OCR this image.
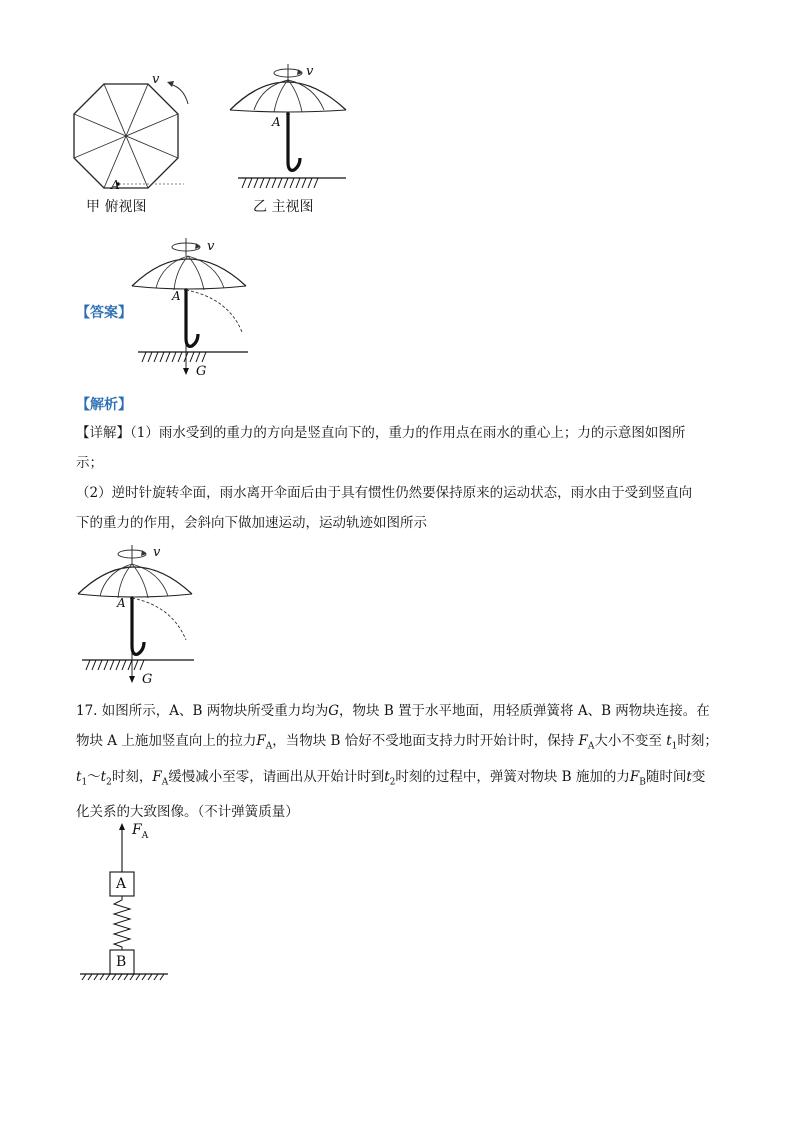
v
A
甲 俯视图
v
A
乙 主视图
【答案】
v
A
G
【解析】
【详解】（1）雨水受到的重力的方向是竖直向下的，重力的作用点在雨水的重心上；力的示意图如图所
示；
（2）逆时针旋转伞面，雨水离开伞面后由于具有惯性仍然要保持原来的运动状态，雨水由于受到竖直向
下的重力的作用，会斜向下做加速运动，运动轨迹如图所示
v
A
G
17. 如图所示，A、B 两物块所受重力均为G，物块 B 置于水平地面，用轻质弹簧将 A、B 两物块连接。在
物块 A 上施加竖直向上的拉力$F_A$，当物块 B 恰好不受地面支持力时开始计时，保持 $F_A$大小不变至 $t_1$时刻；
$t_1\sim t_2$时刻，$F_A$缓慢减小至零，请画出从开始计时到$t_2$时刻的过程中，弹簧对物块 B 施加的力$F_B$随时间t变
化关系的大致图像。（不计弹簧质量）
$F_A$
A
B
